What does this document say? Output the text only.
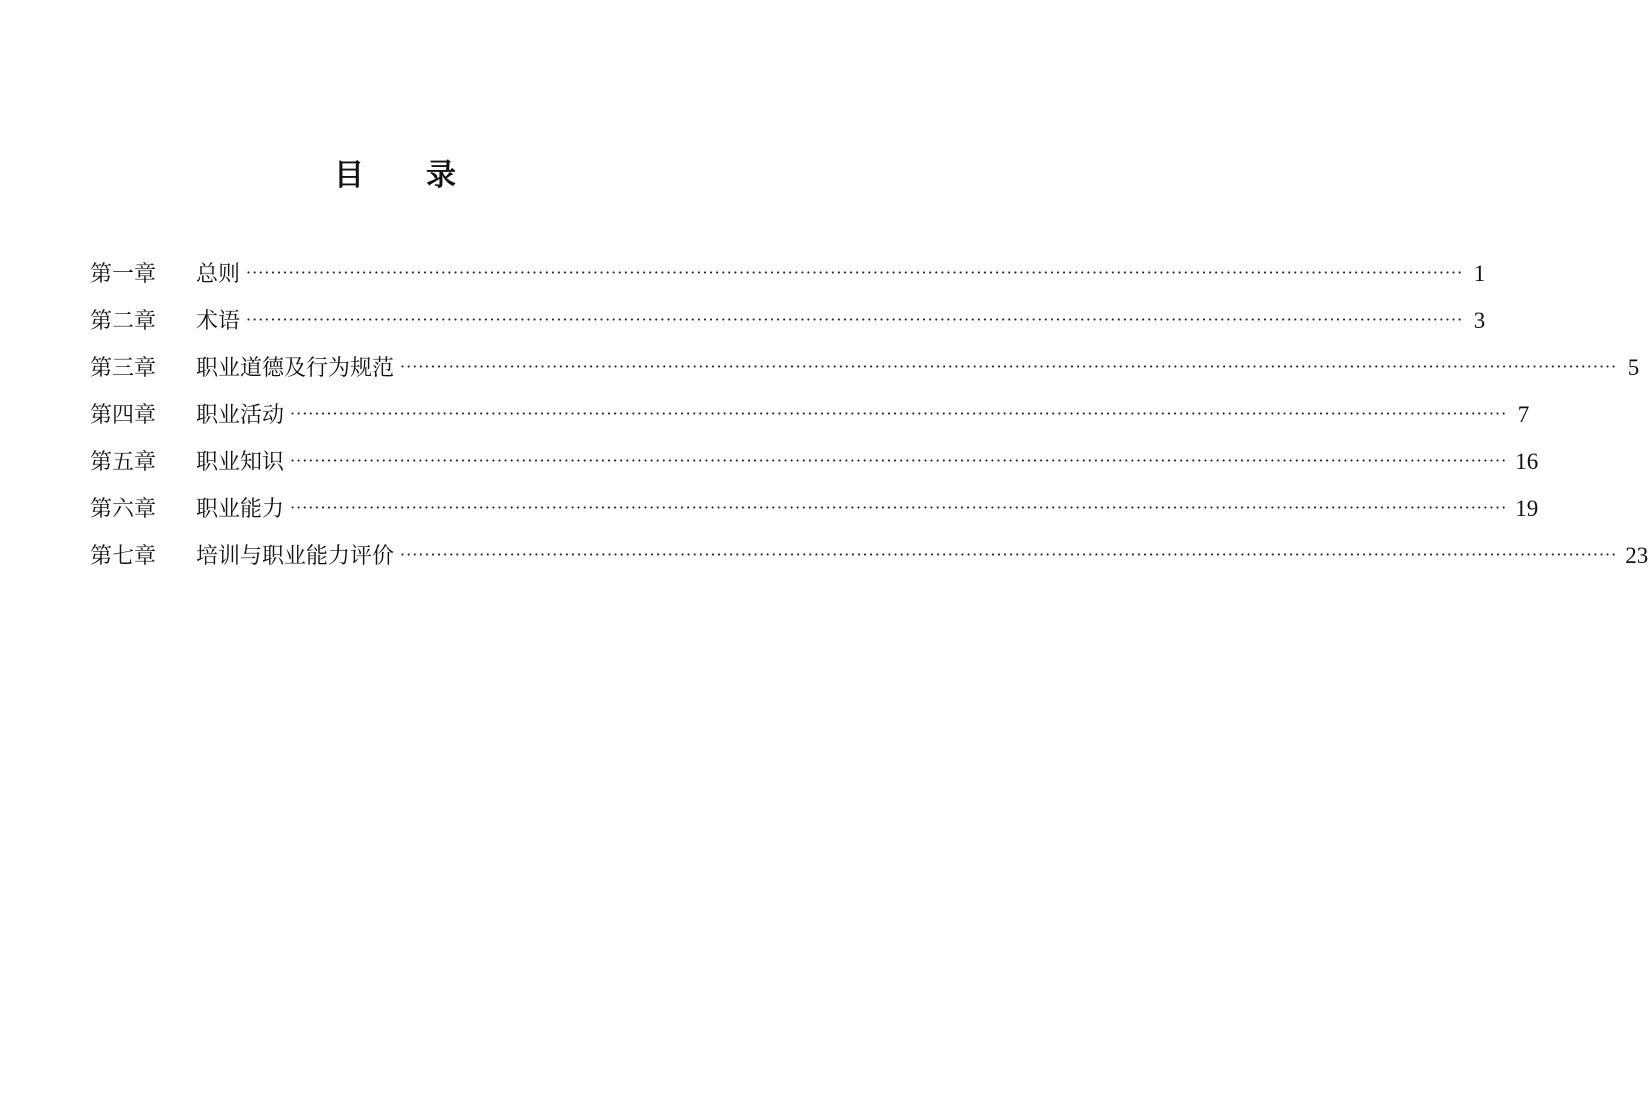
目 录
第一章	总则 ········································································································································································································ 1
第二章	术语 ········································································································································································································ 3
第三章	职业道德及行为规范 ········································································································································································································ 5
第四章	职业活动 ········································································································································································································ 7
第五章	职业知识 ········································································································································································································ 16
第六章	职业能力 ········································································································································································································ 19
第七章	培训与职业能力评价 ········································································································································································································ 23
